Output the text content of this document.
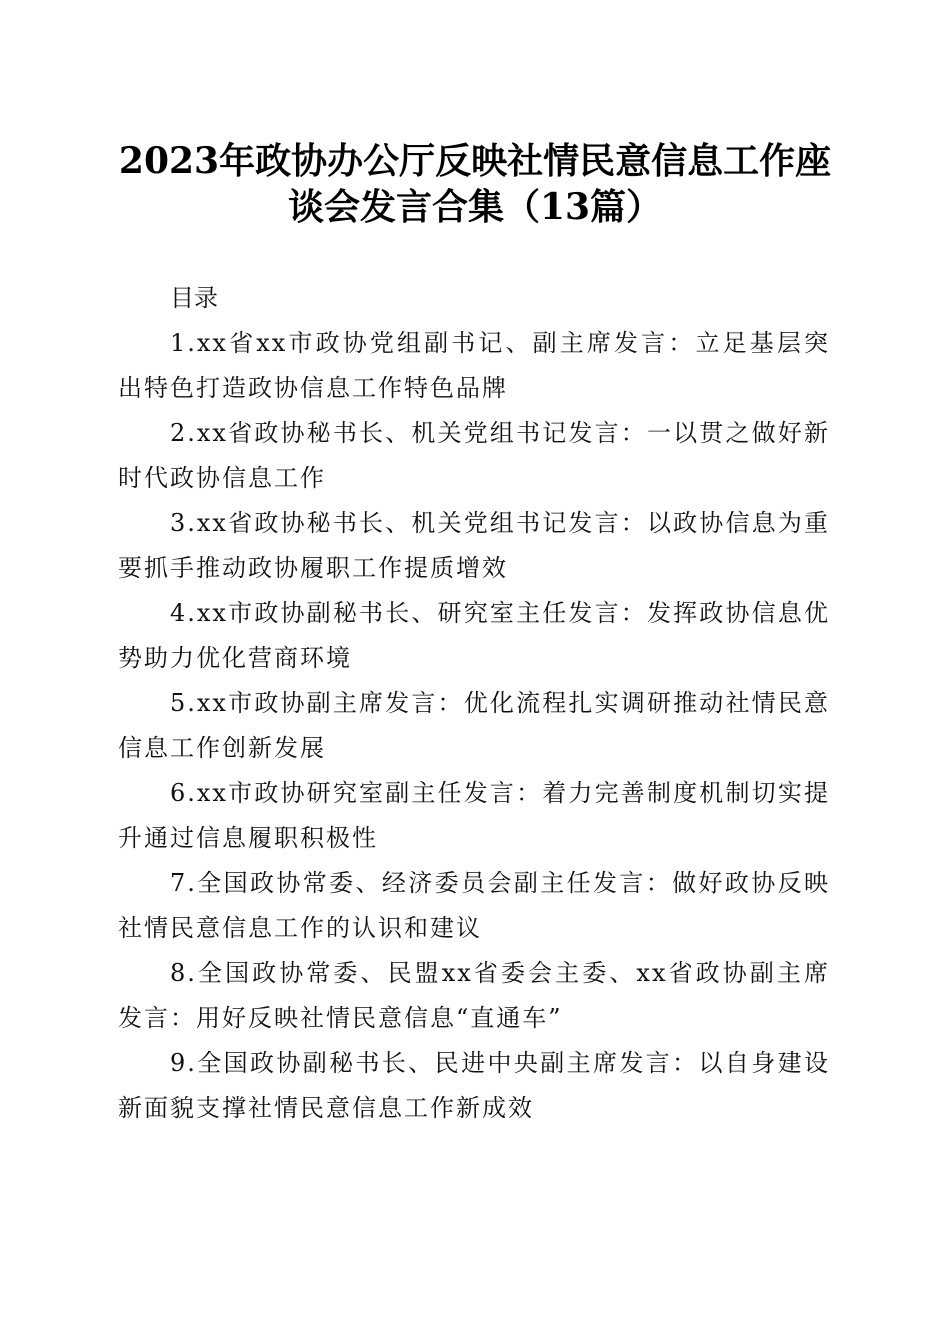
2023年政协办公厅反映社情民意信息工作座
谈会发言合集（13篇）

目录

1.xx省xx市政协党组副书记、副主席发言：立足基层突出特色打造政协信息工作特色品牌

2.xx省政协秘书长、机关党组书记发言：一以贯之做好新时代政协信息工作

3.xx省政协秘书长、机关党组书记发言：以政协信息为重要抓手推动政协履职工作提质增效

4.xx市政协副秘书长、研究室主任发言：发挥政协信息优势助力优化营商环境

5.xx市政协副主席发言：优化流程扎实调研推动社情民意信息工作创新发展

6.xx市政协研究室副主任发言：着力完善制度机制切实提升通过信息履职积极性

7.全国政协常委、经济委员会副主任发言：做好政协反映社情民意信息工作的认识和建议

8.全国政协常委、民盟xx省委会主委、xx省政协副主席发言：用好反映社情民意信息“直通车”

9.全国政协副秘书长、民进中央副主席发言：以自身建设新面貌支撑社情民意信息工作新成效
